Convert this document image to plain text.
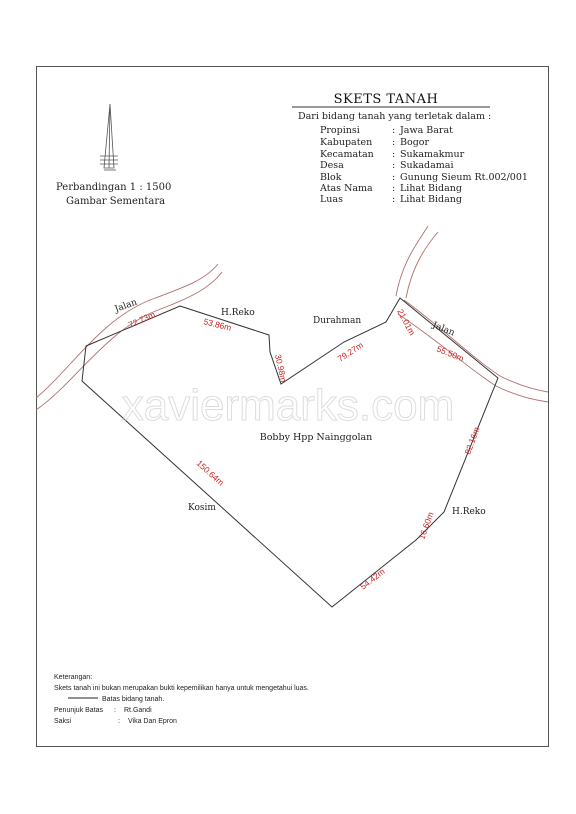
Perbandingan 1 : 1500
Gambar Sementara
SKETS TANAH
Dari bidang tanah yang terletak dalam :
Propinsi	: Jawa Barat
Kabupaten : Bogor
Kecamatan : Sukamakmur
Desa	: Sukadamai
Blok	: Gunung Sieum Rt.002/001
Atas Nama : Lihat Bidang
Luas	: Lihat Bidang
Jalan
Jalan
H.Reko
Durahman
Kosim	H.Reko
Bobby Hpp Nainggolan
72.73m	53.86m
30.98m
79.27m
21.01m
55.50m
82.16m
16.60m
54.42m
150.64m
xaviermarks.com
Keterangan:
Skets tanah ini bukan merupakan bukti kepemilikan hanya untuk mengetahui luas.
Batas bidang tanah.
Penunjuk Batas : Rt.Gandi
Saksi	: Vika Dan Epron
